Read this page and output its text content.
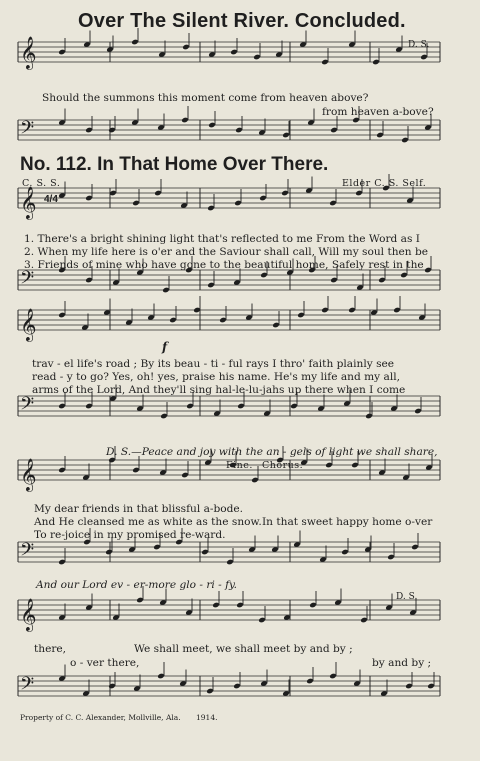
Over The Silent River. Concluded.
D. S.
Should the summons this moment come from heaven above?
from heaven a-bove?
No. 112. In That Home Over There.
C. S. S.	Elder C. S. Self.
1. There's a bright shining light that's reflected to me From the Word as I
2. When my life here is o'er and the Saviour shall call, Will my soul then be
3. Friends of mine who have gone to the beautiful home, Safely rest in the
f
trav - el life's road ; By its beau - ti - ful rays I thro' faith plainly see
read - y to go? Yes, oh! yes, praise his name. He's my life and my all,
arms of the Lord, And they'll sing hal-le-lu-jahs up there when I come
D. S.—Peace and joy with the an - gels of light we shall share,
Fine. Chorus.
My dear friends in that blissful a-bode.
And He cleansed me as white as the snow.
To re-joice in my promised re-ward.
In that sweet happy home o-ver
And our Lord ev - er-more glo - ri - fy.
D. S.
there,	We shall meet, we shall meet by and by ;
o - ver there,	by and by ;
Property of C. C. Alexander, Mollville, Ala. 1914.
𝄞
𝄢
𝄞
𝄢
𝄞
𝄢
𝄞
𝄢
𝄞
𝄢
4/4
